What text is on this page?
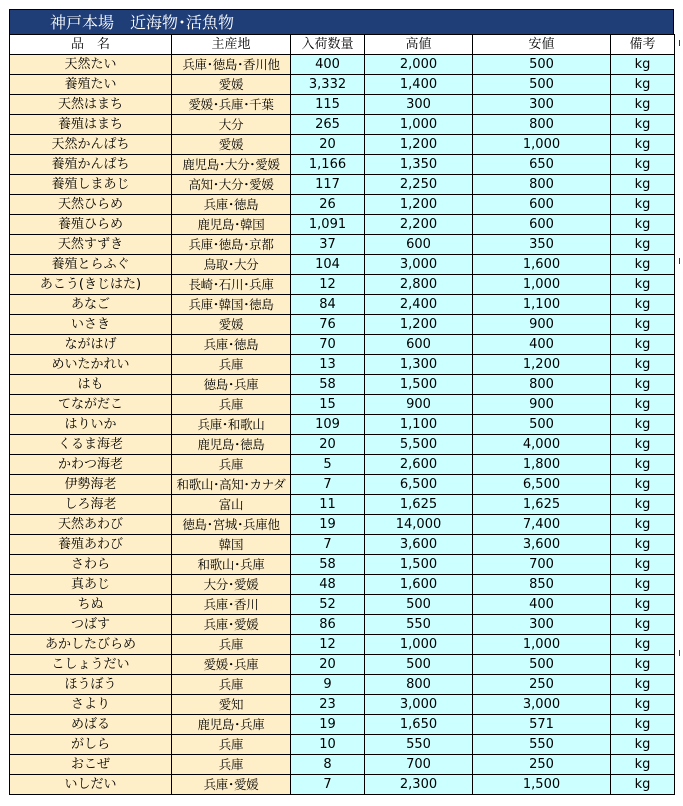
神戸本場　近海物･活魚物
品　名	主産地	入荷数量	高値	安値	備考
天然たい	兵庫･徳島･香川他	400	2,000	500	kg
養殖たい	愛媛	3,332	1,400	500	kg
天然はまち	愛媛･兵庫･千葉	115	300	300	kg
養殖はまち	大分	265	1,000	800	kg
天然かんぱち	愛媛	20	1,200	1,000	kg
養殖かんぱち	鹿児島･大分･愛媛	1,166	1,350	650	kg
養殖しまあじ	高知･大分･愛媛	117	2,250	800	kg
天然ひらめ	兵庫･徳島	26	1,200	600	kg
養殖ひらめ	鹿児島･韓国	1,091	2,200	600	kg
天然すずき	兵庫･徳島･京都	37	600	350	kg
養殖とらふぐ	鳥取･大分	104	3,000	1,600	kg
あこう(きじはた)	長崎･石川･兵庫	12	2,800	1,000	kg
あなご	兵庫･韓国･徳島	84	2,400	1,100	kg
いさき	愛媛	76	1,200	900	kg
ながはげ	兵庫･徳島	70	600	400	kg
めいたかれい	兵庫	13	1,300	1,200	kg
はも	徳島･兵庫	58	1,500	800	kg
てながだこ	兵庫	15	900	900	kg
はりいか	兵庫･和歌山	109	1,100	500	kg
くるま海老	鹿児島･徳島	20	5,500	4,000	kg
かわつ海老	兵庫	5	2,600	1,800	kg
伊勢海老	和歌山･高知･カナダ	7	6,500	6,500	kg
しろ海老	富山	11	1,625	1,625	kg
天然あわび	徳島･宮城･兵庫他	19	14,000	7,400	kg
養殖あわび	韓国	7	3,600	3,600	kg
さわら	和歌山･兵庫	58	1,500	700	kg
真あじ	大分･愛媛	48	1,600	850	kg
ちぬ	兵庫･香川	52	500	400	kg
つばす	兵庫･愛媛	86	550	300	kg
あかしたびらめ	兵庫	12	1,000	1,000	kg
こしょうだい	愛媛･兵庫	20	500	500	kg
ほうぼう	兵庫	9	800	250	kg
さより	愛知	23	3,000	3,000	kg
めばる	鹿児島･兵庫	19	1,650	571	kg
がしら	兵庫	10	550	550	kg
おこぜ	兵庫	8	700	250	kg
いしだい	兵庫･愛媛	7	2,300	1,500	kg
